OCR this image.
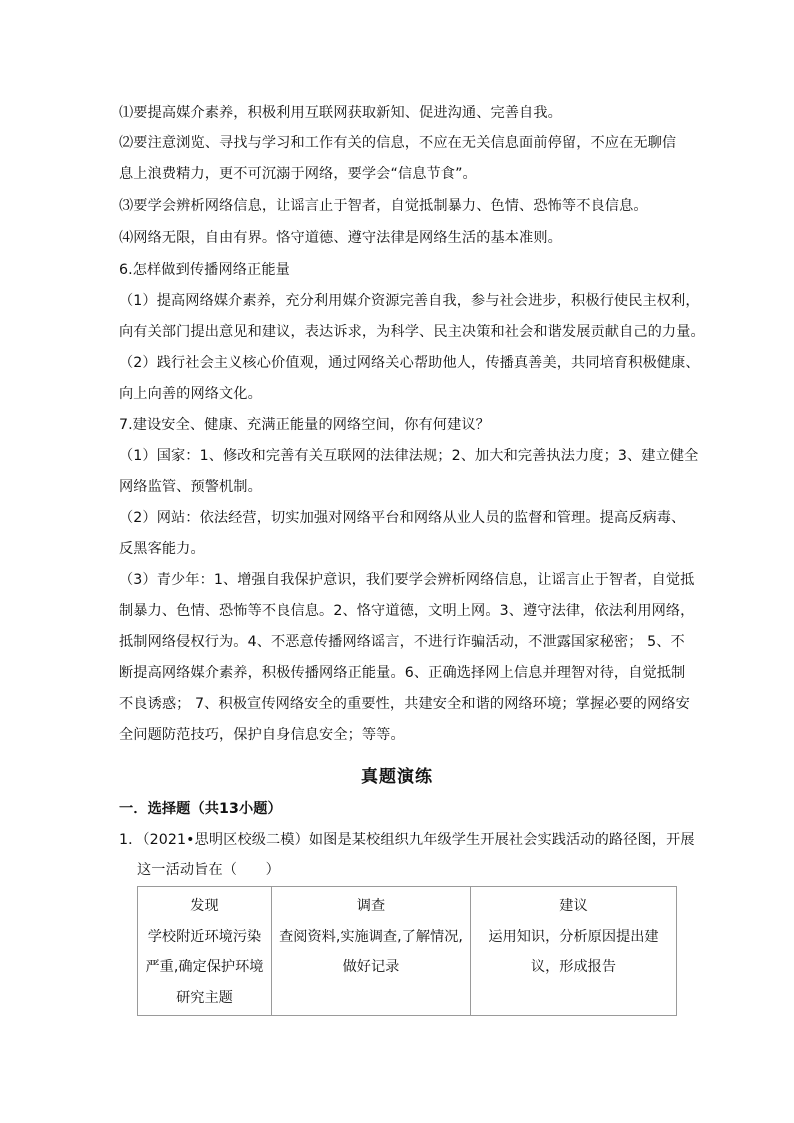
⑴要提高媒介素养，积极利用互联网获取新知、促进沟通、完善自我。
⑵要注意浏览、寻找与学习和工作有关的信息，不应在无关信息面前停留，不应在无聊信
息上浪费精力，更不可沉溺于网络，要学会“信息节食”。
⑶要学会辨析网络信息，让谣言止于智者，自觉抵制暴力、色情、恐怖等不良信息。
⑷网络无限，自由有界。恪守道德、遵守法律是网络生活的基本准则。
6.怎样做到传播网络正能量
（1）提高网络媒介素养，充分利用媒介资源完善自我，参与社会进步，积极行使民主权利，
向有关部门提出意见和建议，表达诉求，为科学、民主决策和社会和谐发展贡献自己的力量。
（2）践行社会主义核心价值观，通过网络关心帮助他人，传播真善美，共同培育积极健康、
向上向善的网络文化。
7.建设安全、健康、充满正能量的网络空间，你有何建议？
（1）国家：1、修改和完善有关互联网的法律法规；2、加大和完善执法力度；3、建立健全
网络监管、预警机制。
（2）网站：依法经营，切实加强对网络平台和网络从业人员的监督和管理。提高反病毒、
反黑客能力。
（3）青少年：1、增强自我保护意识，我们要学会辨析网络信息，让谣言止于智者，自觉抵
制暴力、色情、恐怖等不良信息。2、恪守道德，文明上网。3、遵守法律，依法利用网络，
抵制网络侵权行为。4、不恶意传播网络谣言，不进行诈骗活动，不泄露国家秘密； 5、不
断提高网络媒介素养，积极传播网络正能量。6、正确选择网上信息并理智对待，自觉抵制
不良诱惑； 7、积极宣传网络安全的重要性，共建安全和谐的网络环境；掌握必要的网络安
全问题防范技巧，保护自身信息安全；等等。
真题演练
一．选择题（共13小题）
1．（2021•思明区校级二模）如图是某校组织九年级学生开展社会实践活动的路径图，开展
这一活动旨在（　　）
发现
学校附近环境污染严重,确定保护环境研究主题

调查
查阅资料,实施调查,了解情况,做好记录

建议
运用知识，分析原因提出建议，形成报告
